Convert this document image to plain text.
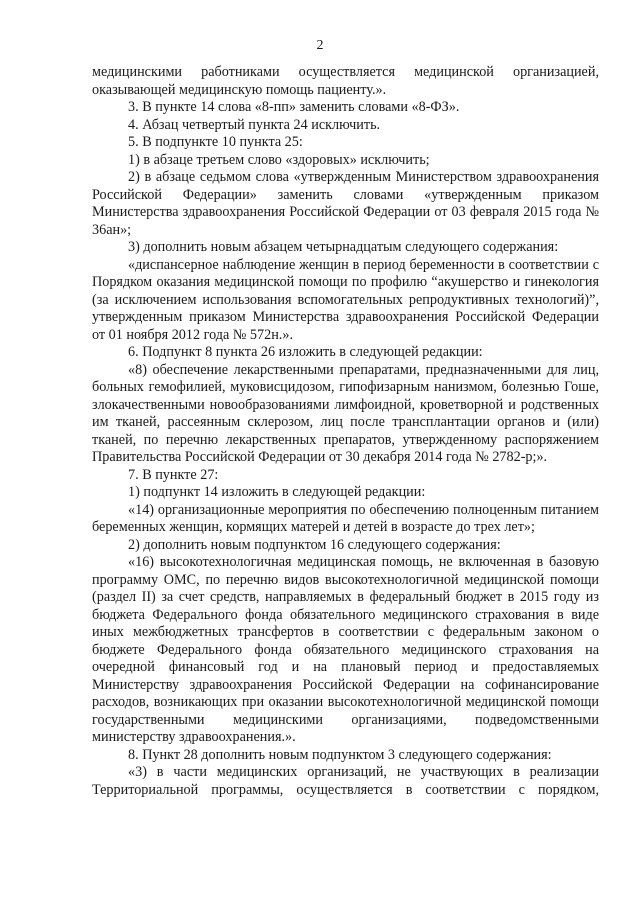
2

медицинскими работниками осуществляется медицинской организацией, оказывающей медицинскую помощь пациенту.».

3. В пункте 14 слова «8-пп» заменить словами «8-ФЗ».

4. Абзац четвертый пункта 24 исключить.

5. В подпункте 10 пункта 25:

1) в абзаце третьем слово «здоровых» исключить;

2) в абзаце седьмом слова «утвержденным Министерством здравоохранения Российской Федерации» заменить словами «утвержденным приказом Министерства здравоохранения Российской Федерации от 03 февраля 2015 года № 36ан»;

3) дополнить новым абзацем четырнадцатым следующего содержания:

«диспансерное наблюдение женщин в период беременности в соответствии с Порядком оказания медицинской помощи по профилю “акушерство и гинекология (за исключением использования вспомогательных репродуктивных технологий)”, утвержденным приказом Министерства здравоохранения Российской Федерации от 01 ноября 2012 года № 572н.».

6. Подпункт 8 пункта 26 изложить в следующей редакции:

«8) обеспечение лекарственными препаратами, предназначенными для лиц, больных гемофилией, муковисцидозом, гипофизарным нанизмом, болезнью Гоше, злокачественными новообразованиями лимфоидной, кроветворной и родственных им тканей, рассеянным склерозом, лиц после трансплантации органов и (или) тканей, по перечню лекарственных препаратов, утвержденному распоряжением Правительства Российской Федерации от 30 декабря 2014 года № 2782-р;».

7. В пункте 27:

1) подпункт 14 изложить в следующей редакции:

«14) организационные мероприятия по обеспечению полноценным питанием беременных женщин, кормящих матерей и детей в возрасте до трех лет»;

2) дополнить новым подпунктом 16 следующего содержания:

«16) высокотехнологичная медицинская помощь, не включенная в базовую программу ОМС, по перечню видов высокотехнологичной медицинской помощи (раздел II) за счет средств, направляемых в федеральный бюджет в 2015 году из бюджета Федерального фонда обязательного медицинского страхования в виде иных межбюджетных трансфертов в соответствии с федеральным законом о бюджете Федерального фонда обязательного медицинского страхования на очередной финансовый год и на плановый период и предоставляемых Министерству здравоохранения Российской Федерации на софинансирование расходов, возникающих при оказании высокотехнологичной медицинской помощи государственными медицинскими организациями, подведомственными министерству здравоохранения.».

8. Пункт 28 дополнить новым подпунктом 3 следующего содержания:

«3) в части медицинских организаций, не участвующих в реализации Территориальной программы, осуществляется в соответствии с порядком,
